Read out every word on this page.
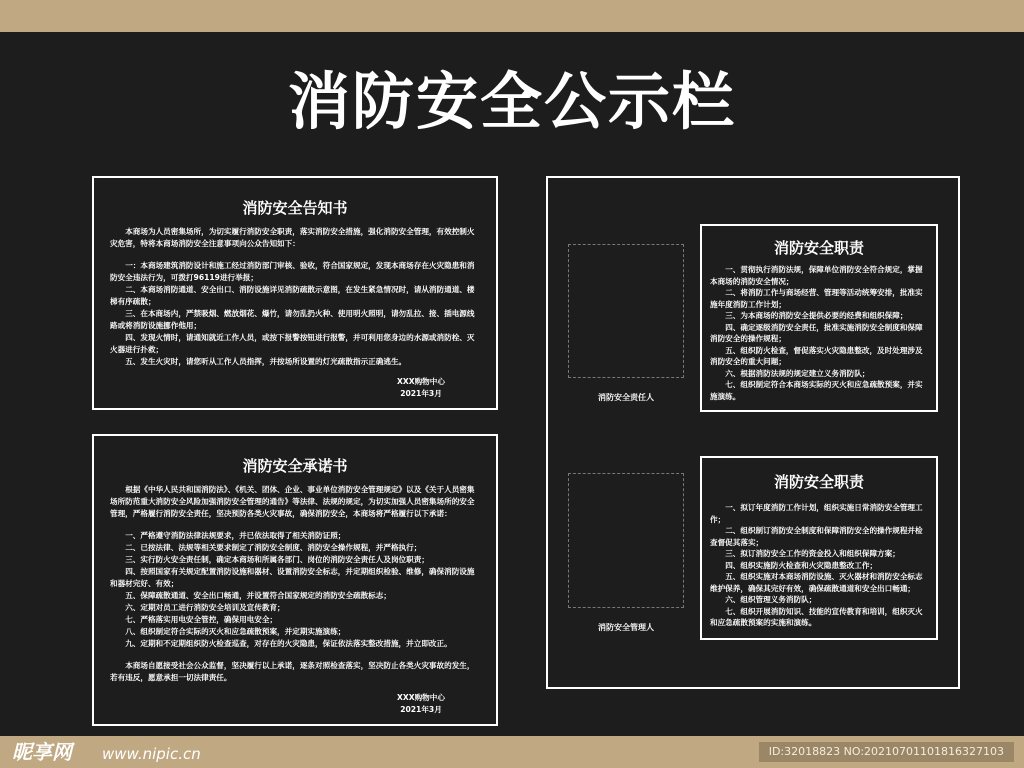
消防安全公示栏
消防安全告知书

本商场为人员密集场所，为切实履行消防安全职责，落实消防安全措施，强化消防安全管理，有效控制火灾危害，特将本商场消防安全注意事项向公众告知如下：

一：本商场建筑消防设计和施工经过消防部门审核、验收，符合国家规定，发现本商场存在火灾隐患和消防安全违法行为，可拨打96119进行举报；

二、本商场消防通道、安全出口、消防设施详见消防疏散示意图，在发生紧急情况时，请从消防通道、楼梯有序疏散；

三、在本商场内，严禁吸烟、燃放烟花、爆竹，请勿乱扔火种、使用明火照明，请勿乱拉、接、插电源线路或将消防设施挪作他用；

四、发现火情时，请通知就近工作人员，或按下报警按钮进行报警，并可利用您身边的水源或消防栓、灭火器进行扑救；

五、发生火灾时，请您听从工作人员指挥，并按场所设置的灯光疏散指示正确逃生。

XXX购物中心
2021年3月
消防安全承诺书

根据《中华人民共和国消防法》、《机关、团体、企业、事业单位消防安全管理规定》以及《关于人员密集场所防范重大消防安全风险加强消防安全管理的通告》等法律、法规的规定，为切实加强人员密集场所的安全管理，严格履行消防安全责任，坚决预防各类火灾事故，确保消防安全，本商场将严格履行以下承诺：

一、严格遵守消防法律法规要求，并已依法取得了相关消防证照；

二、已按法律、法规等相关要求制定了消防安全制度、消防安全操作规程，并严格执行；

三、实行防火安全责任制，确定本商场和所属各部门、岗位的消防安全责任人及岗位职责；

四、按照国家有关规定配置消防设施和器材、设置消防安全标志，并定期组织检验、维修，确保消防设施和器材完好、有效；

五、保障疏散通道、安全出口畅通，并设置符合国家规定的消防安全疏散标志；

六、定期对员工进行消防安全培训及宣传教育；

七、严格落实用电安全管控，确保用电安全；

八、组织制定符合实际的灭火和应急疏散预案，并定期实施演练；

九、定期和不定期组织防火检查巡查，对存在的火灾隐患，保证依法落实整改措施，并立即改正。

本商场自愿接受社会公众监督，坚决履行以上承诺，逐条对照检查落实，坚决防止各类火灾事故的发生，若有违反，愿意承担一切法律责任。

XXX购物中心
2021年3月
消防安全责任人
消防安全管理人
消防安全职责

一、贯彻执行消防法规，保障单位消防安全符合规定，掌握本商场的消防安全情况；

二、将消防工作与商场经营、管理等活动统筹安排，批准实施年度消防工作计划；

三、为本商场的消防安全提供必要的经费和组织保障；

四、确定逐级消防安全责任，批准实施消防安全制度和保障消防安全的操作规程；

五、组织防火检查，督促落实火灾隐患整改，及时处理涉及消防安全的重大问题；

六、根据消防法规的规定建立义务消防队；

七、组织制定符合本商场实际的灭火和应急疏散预案，并实施演练。

消防安全职责

一、拟订年度消防工作计划，组织实施日常消防安全管理工作；

二、组织制订消防安全制度和保障消防安全的操作规程并检查督促其落实；

三、拟订消防安全工作的资金投入和组织保障方案；

四、组织实施防火检查和火灾隐患整改工作；

五、组织实施对本商场消防设施、灭火器材和消防安全标志维护保养，确保其完好有效，确保疏散通道和安全出口畅通；

六、组织管理义务消防队；

七、组织开展消防知识、技能的宣传教育和培训，组织灭火和应急疏散预案的实施和演练。

昵享网 www.nipic.cn	ID:32018823 NO:20210701101816327103
